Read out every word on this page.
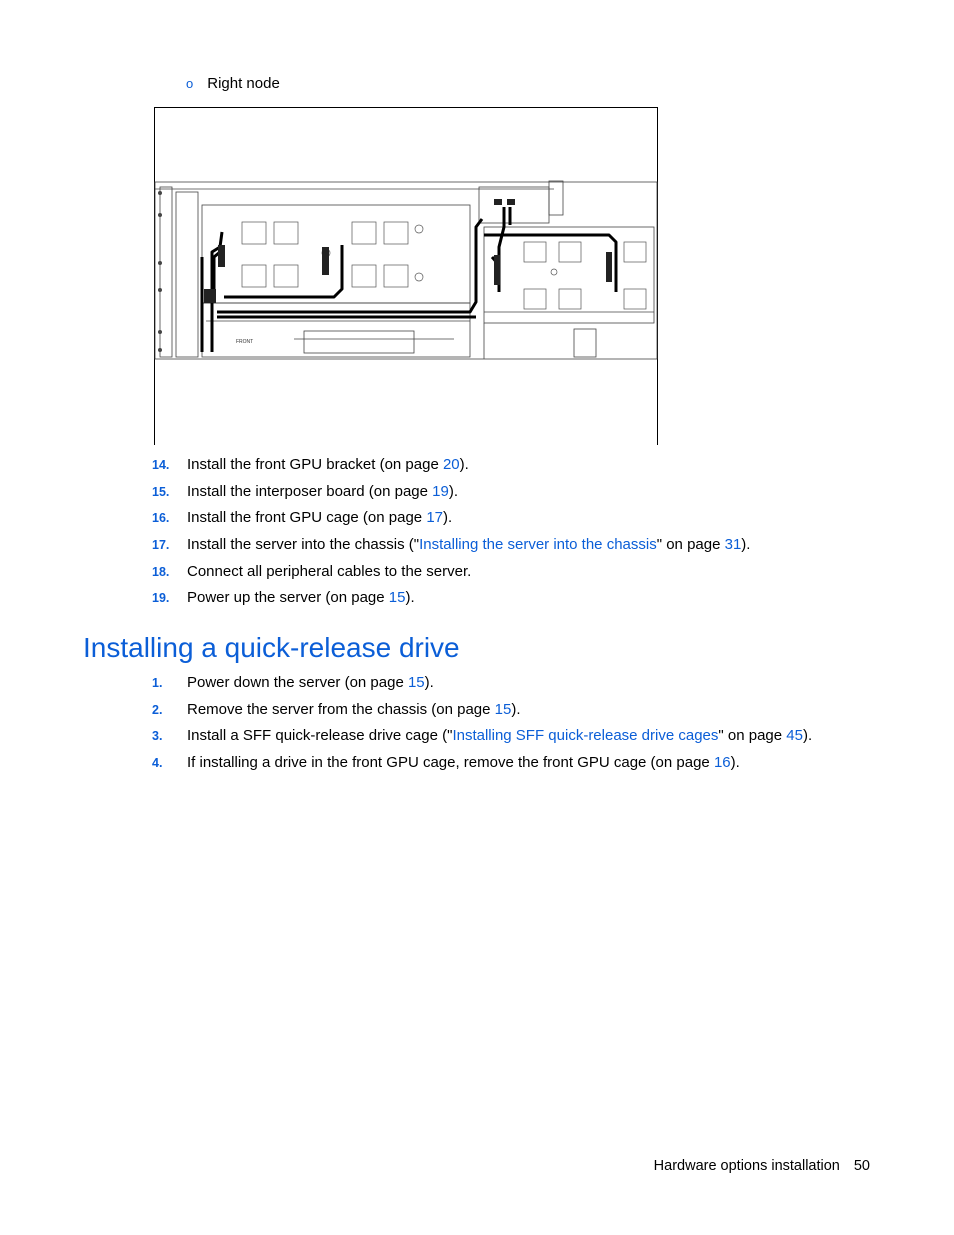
o Right node
FRONT
14.	Install the front GPU bracket (on page 20).
15.	Install the interposer board (on page 19).
16.	Install the front GPU cage (on page 17).
17.	Install the server into the chassis ("Installing the server into the chassis" on page 31).
18.	Connect all peripheral cables to the server.
19.	Power up the server (on page 15).
Installing a quick-release drive
1.	Power down the server (on page 15).
2.	Remove the server from the chassis (on page 15).
3.	Install a SFF quick-release drive cage ("Installing SFF quick-release drive cages" on page 45).
4.	If installing a drive in the front GPU cage, remove the front GPU cage (on page 16).
Hardware options installation 50
